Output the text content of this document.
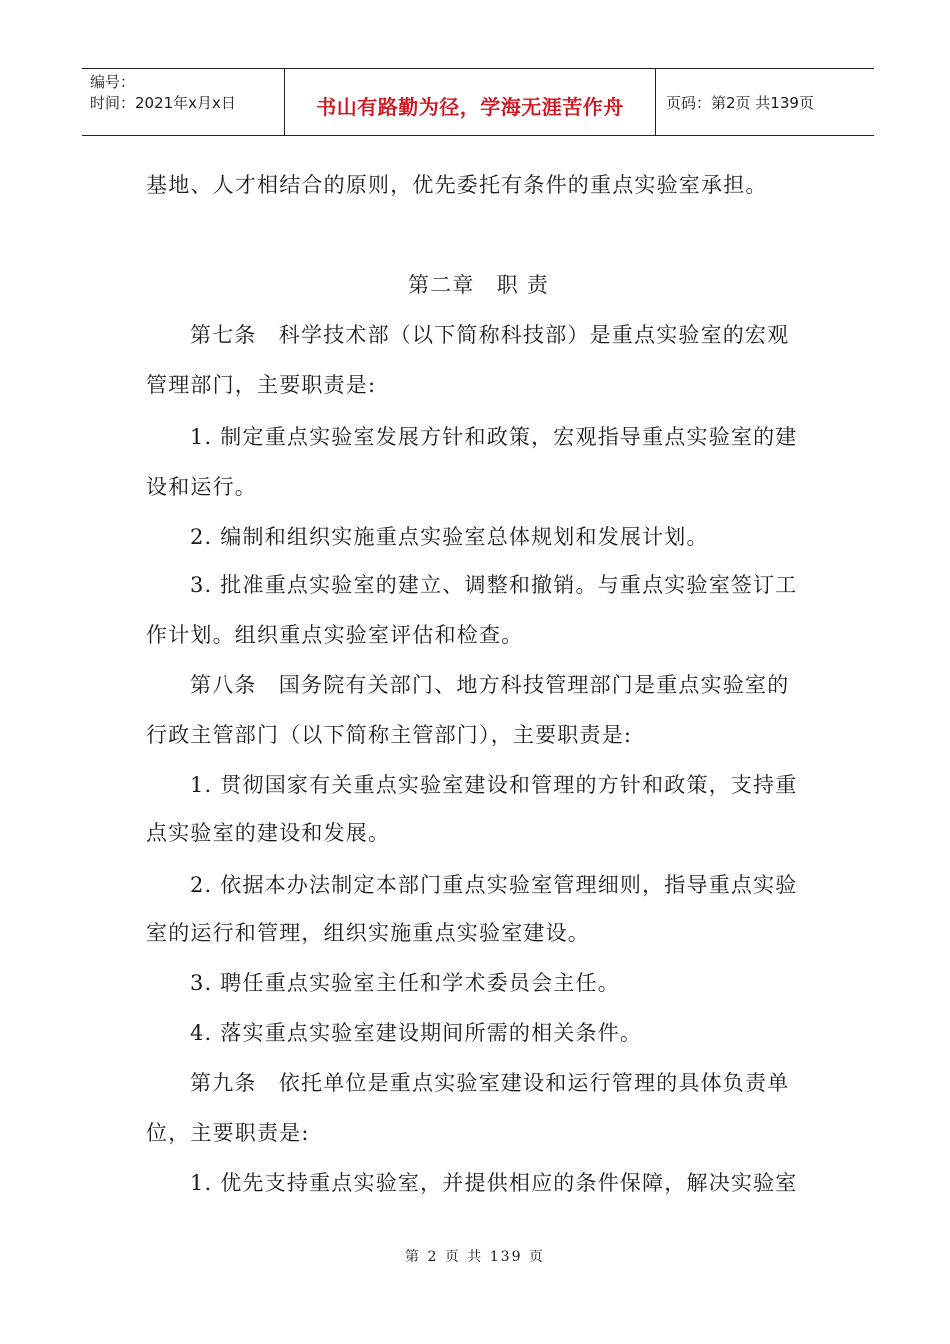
编号：
时间：2021年x月x日	书山有路勤为径，学海无涯苦作舟	页码：第2页 共139页
基地、人才相结合的原则，优先委托有条件的重点实验室承担。
第二章　职 责
第七条　科学技术部（以下简称科技部）是重点实验室的宏观
管理部门，主要职责是:
1. 制定重点实验室发展方针和政策，宏观指导重点实验室的建
设和运行。
2. 编制和组织实施重点实验室总体规划和发展计划。
3. 批准重点实验室的建立、调整和撤销。与重点实验室签订工
作计划。组织重点实验室评估和检查。
第八条　国务院有关部门、地方科技管理部门是重点实验室的
行政主管部门（以下简称主管部门），主要职责是:
1. 贯彻国家有关重点实验室建设和管理的方针和政策，支持重
点实验室的建设和发展。
2. 依据本办法制定本部门重点实验室管理细则，指导重点实验
室的运行和管理，组织实施重点实验室建设。
3. 聘任重点实验室主任和学术委员会主任。
4. 落实重点实验室建设期间所需的相关条件。
第九条　依托单位是重点实验室建设和运行管理的具体负责单
位，主要职责是:
1. 优先支持重点实验室，并提供相应的条件保障，解决实验室
第 2 页 共 139 页
